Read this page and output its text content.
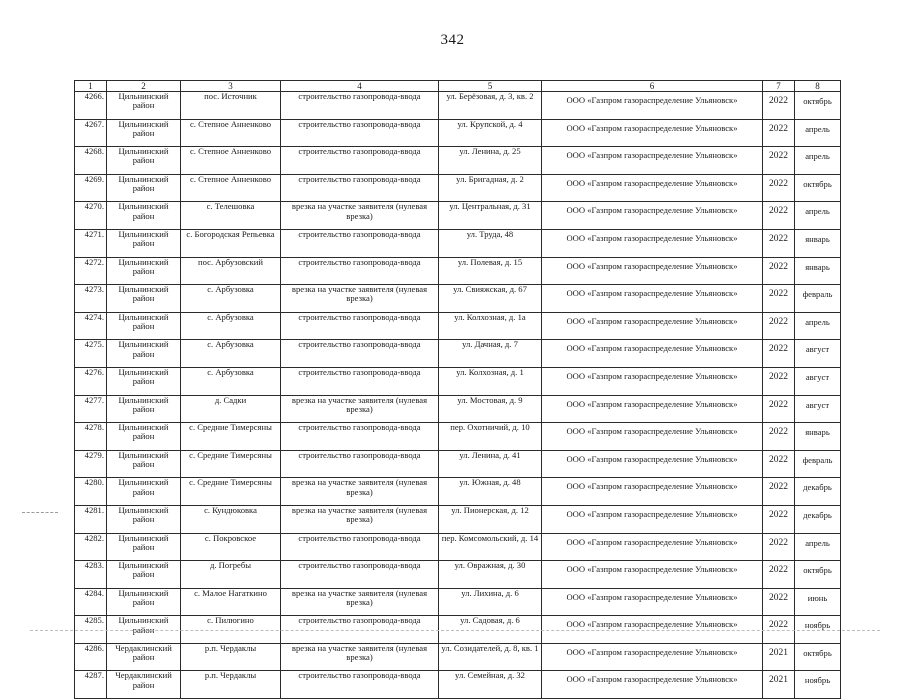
342
1	2	3	4	5	6	7	8
4266.	Цильнинский район	пос. Источник	строительство газопровода-ввода	ул. Берёзовая, д. 3, кв. 2	ООО «Газпром газораспределение Ульяновск»	2022	октябрь
4267.	Цильнинский район	с. Степное Анненково	строительство газопровода-ввода	ул. Крупской, д. 4	ООО «Газпром газораспределение Ульяновск»	2022	апрель
4268.	Цильнинский район	с. Степное Анненково	строительство газопровода-ввода	ул. Ленина, д. 25	ООО «Газпром газораспределение Ульяновск»	2022	апрель
4269.	Цильнинский район	с. Степное Анненково	строительство газопровода-ввода	ул. Бригадная, д. 2	ООО «Газпром газораспределение Ульяновск»	2022	октябрь
4270.	Цильнинский район	с. Телешовка	врезка на участке заявителя (нулевая врезка)	ул. Центральная, д. 31	ООО «Газпром газораспределение Ульяновск»	2022	апрель
4271.	Цильнинский район	с. Богородская Репьевка	строительство газопровода-ввода	ул. Труда, 48	ООО «Газпром газораспределение Ульяновск»	2022	январь
4272.	Цильнинский район	пос. Арбузовский	строительство газопровода-ввода	ул. Полевая, д. 15	ООО «Газпром газораспределение Ульяновск»	2022	январь
4273.	Цильнинский район	с. Арбузовка	врезка на участке заявителя (нулевая врезка)	ул. Свияжская, д. 67	ООО «Газпром газораспределение Ульяновск»	2022	февраль
4274.	Цильнинский район	с. Арбузовка	строительство газопровода-ввода	ул. Колхозная, д. 1а	ООО «Газпром газораспределение Ульяновск»	2022	апрель
4275.	Цильнинский район	с. Арбузовка	строительство газопровода-ввода	ул. Дачная, д. 7	ООО «Газпром газораспределение Ульяновск»	2022	август
4276.	Цильнинский район	с. Арбузовка	строительство газопровода-ввода	ул. Колхозная, д. 1	ООО «Газпром газораспределение Ульяновск»	2022	август
4277.	Цильнинский район	д. Садки	врезка на участке заявителя (нулевая врезка)	ул. Мостовая, д. 9	ООО «Газпром газораспределение Ульяновск»	2022	август
4278.	Цильнинский район	с. Средние Тимерсяны	строительство газопровода-ввода	пер. Охотничий, д. 10	ООО «Газпром газораспределение Ульяновск»	2022	январь
4279.	Цильнинский район	с. Средние Тимерсяны	строительство газопровода-ввода	ул. Ленина, д. 41	ООО «Газпром газораспределение Ульяновск»	2022	февраль
4280.	Цильнинский район	с. Средние Тимерсяны	врезка на участке заявителя (нулевая врезка)	ул. Южная, д. 48	ООО «Газпром газораспределение Ульяновск»	2022	декабрь
4281.	Цильнинский район	с. Кундюковка	врезка на участке заявителя (нулевая врезка)	ул. Пионерская, д. 12	ООО «Газпром газораспределение Ульяновск»	2022	декабрь
4282.	Цильнинский район	с. Покровское	строительство газопровода-ввода	пер. Комсомольский, д. 14	ООО «Газпром газораспределение Ульяновск»	2022	апрель
4283.	Цильнинский район	д. Погребы	строительство газопровода-ввода	ул. Овражная, д. 30	ООО «Газпром газораспределение Ульяновск»	2022	октябрь
4284.	Цильнинский район	с. Малое Нагаткино	врезка на участке заявителя (нулевая врезка)	ул. Лихина, д. 6	ООО «Газпром газораспределение Ульяновск»	2022	июнь
4285.	Цильнинский район	с. Пилюгино	строительство газопровода-ввода	ул. Садовая, д. 6	ООО «Газпром газораспределение Ульяновск»	2022	ноябрь
4286.	Чердаклинский район	р.п. Чердаклы	врезка на участке заявителя (нулевая врезка)	ул. Созидателей, д. 8, кв. 1	ООО «Газпром газораспределение Ульяновск»	2021	октябрь
4287.	Чердаклинский район	р.п. Чердаклы	строительство газопровода-ввода	ул. Семейная, д. 32	ООО «Газпром газораспределение Ульяновск»	2021	ноябрь
